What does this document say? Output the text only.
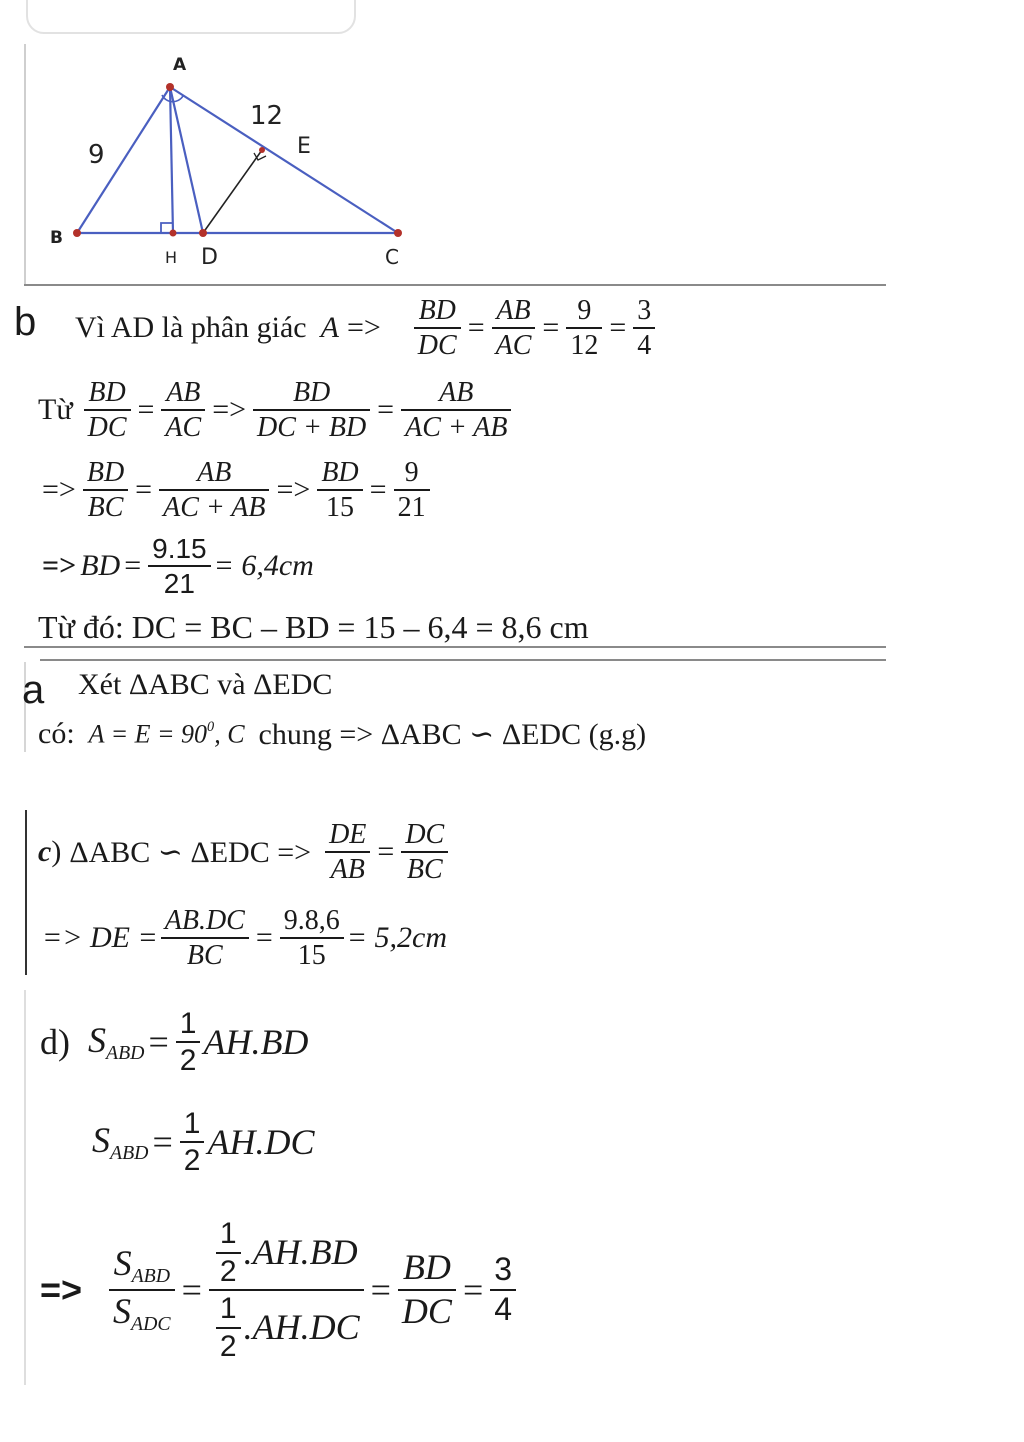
A
B
H D	C
E
9
12
b Vì AD là phân giác $A => \frac{BD}{DC} = \frac{AB}{AC} = \frac{9}{12} = \frac{3}{4}$
Từ $\frac{BD}{DC} = \frac{AB}{AC} => \frac{BD}{DC + BD} = \frac{AB}{AC + AB}$
=> $\frac{BD}{BC} = \frac{AB}{AC + AB} => \frac{BD}{15} = \frac{9}{21}$
=> BD = $\frac{9.15}{21} = 6,4cm$
Từ đó: DC = BC – BD = 15 – 6,4 = 8,6 cm
a Xét ΔABC và ΔEDC
có: $A = E = 90^0$, C chung => ΔABC ∽ ΔEDC (g.g)
c ) ΔABC ∽ $\Delta EDC => \frac{DE}{AB} = \frac{DC}{BC}$
=> DE = $\frac{AB.DC}{BC} = \frac{9.8,6}{15} = 5,2cm$
d) $S_{ABD} = \frac{1}{2} AH.BD$
$S_{ABD} = \frac{1}{2} AH.DC$
=> $\frac{S_{ABD}}{S_{ADC}} = \frac{\frac{1}{2} .AH.BD}{\frac{1}{2} .AH.DC} = \frac{BD}{DC} = \frac{3}{4}$
